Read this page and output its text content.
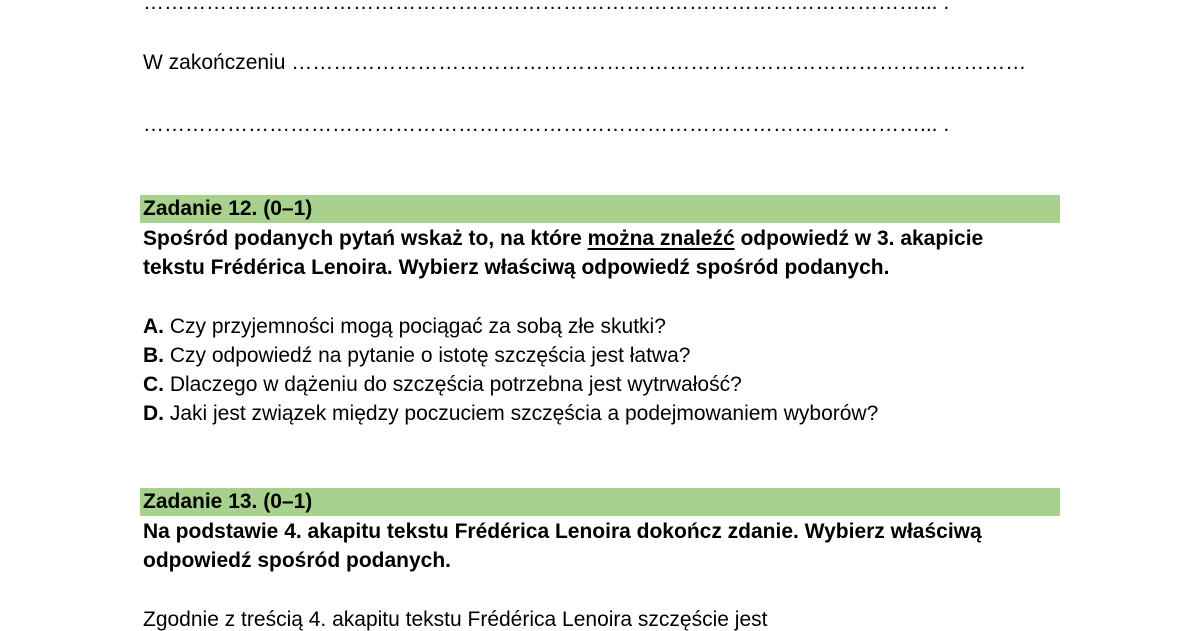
…………………………………………………………………………………………………... .
W zakończeniu ……………………………………………………………………………………………
…………………………………………………………………………………………………... .
Zadanie 12. (0–1)
Spośród podanych pytań wskaż to, na które można znaleźć odpowiedź w 3. akapicie
tekstu Frédérica Lenoira. Wybierz właściwą odpowiedź spośród podanych.
A. Czy przyjemności mogą pociągać za sobą złe skutki?
B. Czy odpowiedź na pytanie o istotę szczęścia jest łatwa?
C. Dlaczego w dążeniu do szczęścia potrzebna jest wytrwałość?
D. Jaki jest związek między poczuciem szczęścia a podejmowaniem wyborów?
Zadanie 13. (0–1)
Na podstawie 4. akapitu tekstu Frédérica Lenoira dokończ zdanie. Wybierz właściwą
odpowiedź spośród podanych.
Zgodnie z treścią 4. akapitu tekstu Frédérica Lenoira szczęście jest
